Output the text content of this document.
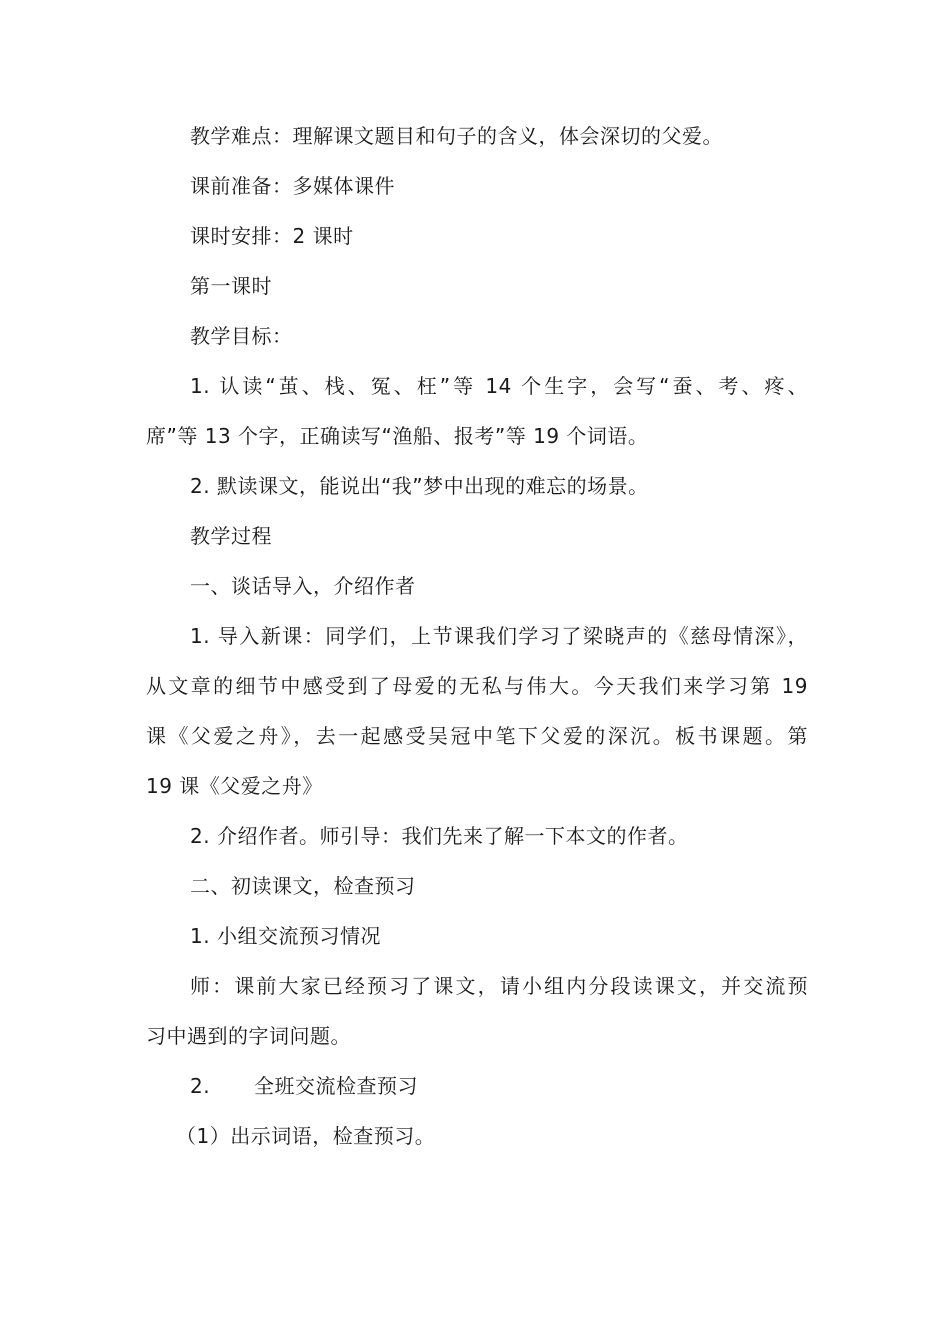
教学难点：理解课文题目和句子的含义，体会深切的父爱。
课前准备：多媒体课件
课时安排：2 课时
第一课时
教学目标：
1. 认读“茧、栈、冤、枉”等 14 个生字，会写“蚕、考、疼、
席”等 13 个字，正确读写“渔船、报考”等 19 个词语。
2. 默读课文，能说出“我”梦中出现的难忘的场景。
教学过程
一、谈话导入，介绍作者
1. 导入新课：同学们，上节课我们学习了梁晓声的《慈母情深》，
从文章的细节中感受到了母爱的无私与伟大。今天我们来学习第 19
课《父爱之舟》，去一起感受吴冠中笔下父爱的深沉。板书课题。第
19 课《父爱之舟》
2. 介绍作者。师引导：我们先来了解一下本文的作者。
二、初读课文，检查预习
1. 小组交流预习情况
师：课前大家已经预习了课文，请小组内分段读课文，并交流预
习中遇到的字词问题。
2. 全班交流检查预习
（1）出示词语，检查预习。
